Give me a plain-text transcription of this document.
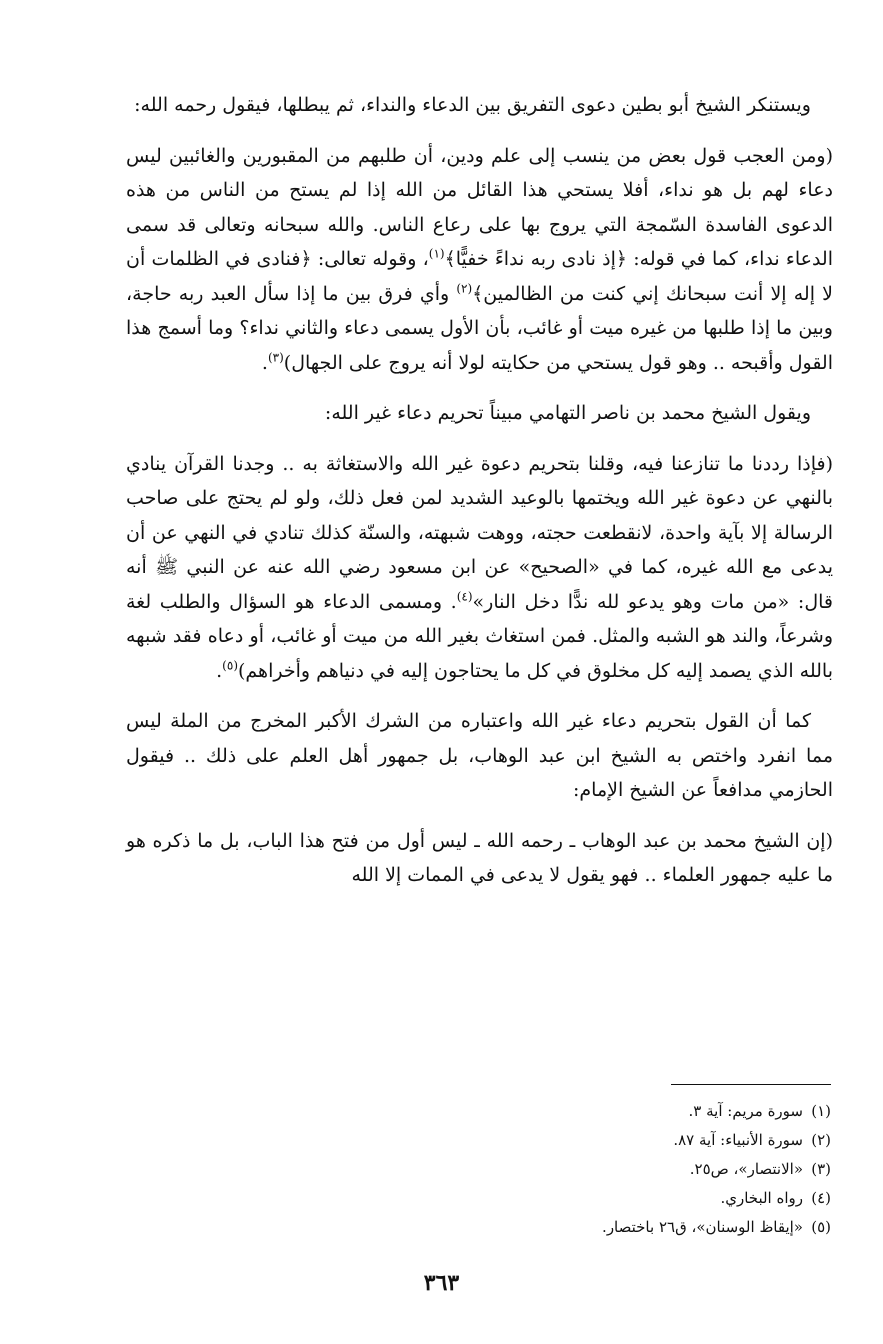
ويستنكر الشيخ أبو بطين دعوى التفريق بين الدعاء والنداء، ثم يبطلها، فيقول رحمه الله:

(ومن العجب قول بعض من ينسب إلى علم ودين، أن طلبهم من المقبورين والغائبين ليس دعاء لهم بل هو نداء، أفلا يستحي هذا القائل من الله إذا لم يستح من الناس من هذه الدعوى الفاسدة السّمجة التي يروج بها على رعاع الناس. والله سبحانه وتعالى قد سمى الدعاء نداء، كما في قوله: ﴿إذ نادى ربه نداءً خفيًّا﴾$^{(١)}$، وقوله تعالى: ﴿فنادى في الظلمات أن لا إله إلا أنت سبحانك إني كنت من الظالمين﴾$^{(٢)}$ وأي فرق بين ما إذا سأل العبد ربه حاجة، وبين ما إذا طلبها من غيره ميت أو غائب، بأن الأول يسمى دعاء والثاني نداء؟ وما أسمج هذا القول وأقبحه .. وهو قول يستحي من حكايته لولا أنه يروج على الجهال)$^{(٣)}$.

ويقول الشيخ محمد بن ناصر التهامي مبيناً تحريم دعاء غير الله:

(فإذا رددنا ما تنازعنا فيه، وقلنا بتحريم دعوة غير الله والاستغاثة به .. وجدنا القرآن ينادي بالنهي عن دعوة غير الله ويختمها بالوعيد الشديد لمن فعل ذلك، ولو لم يحتج على صاحب الرسالة إلا بآية واحدة، لانقطعت حجته، ووهت شبهته، والسنّة كذلك تنادي في النهي عن أن يدعى مع الله غيره، كما في «الصحيح» عن ابن مسعود رضي الله عنه عن النبي ﷺ أنه قال: «من مات وهو يدعو لله ندًّا دخل النار»$^{(٤)}$. ومسمى الدعاء هو السؤال والطلب لغة وشرعاً، والند هو الشبه والمثل. فمن استغاث بغير الله من ميت أو غائب، أو دعاه فقد شبهه بالله الذي يصمد إليه كل مخلوق في كل ما يحتاجون إليه في دنياهم وأخراهم)$^{(٥)}$.

كما أن القول بتحريم دعاء غير الله واعتباره من الشرك الأكبر المخرج من الملة ليس مما انفرد واختص به الشيخ ابن عبد الوهاب، بل جمهور أهل العلم على ذلك .. فيقول الحازمي مدافعاً عن الشيخ الإمام:

(إن الشيخ محمد بن عبد الوهاب ـ رحمه الله ـ ليس أول من فتح هذا الباب، بل ما ذكره هو ما عليه جمهور العلماء .. فهو يقول لا يدعى في الممات إلا الله

(١)سورة مريم: آية ٣.
(٢)سورة الأنبياء: آية ٨٧.
(٣)«الانتصار»، ص٢٥.
(٤)رواه البخاري.
(٥)«إيقاظ الوسنان»، ق٢٦ باختصار.
٣٦٣
